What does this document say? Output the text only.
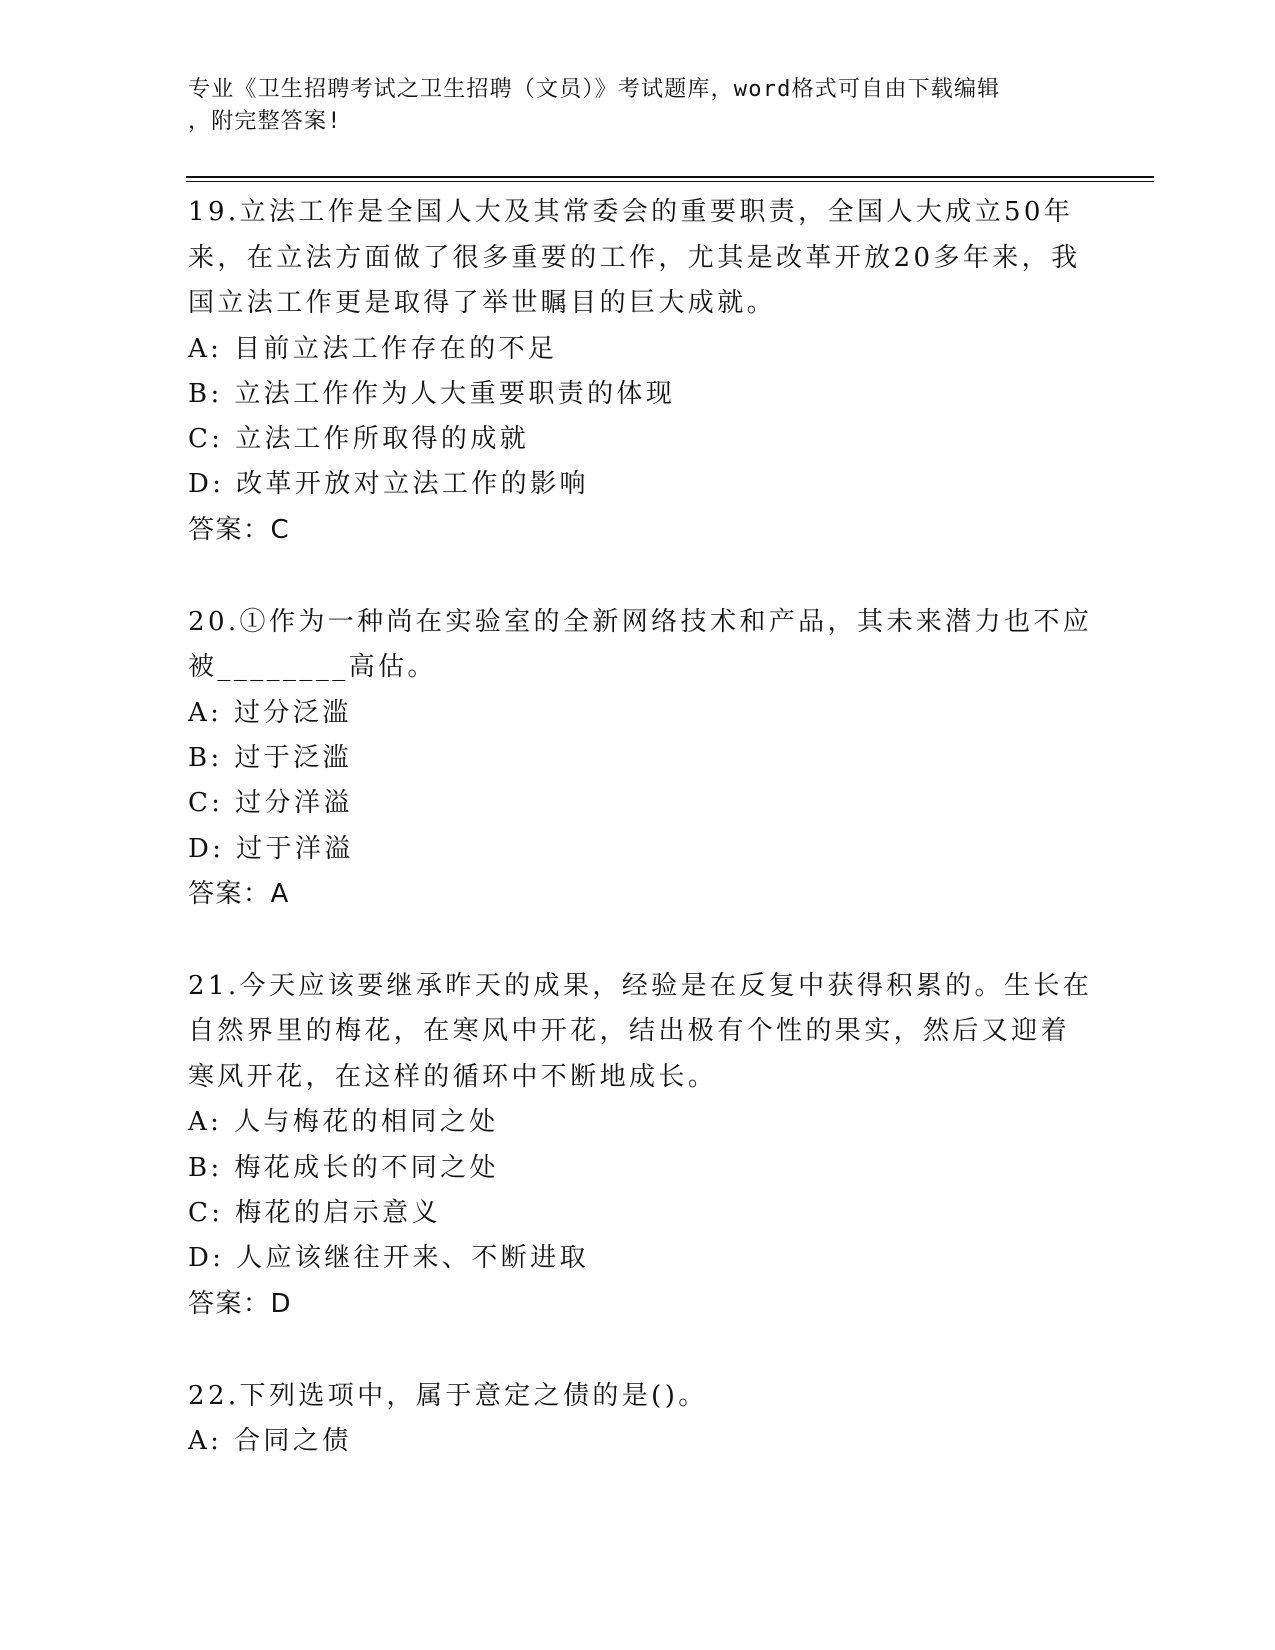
专业《卫生招聘考试之卫生招聘（文员）》考试题库，word格式可自由下载编辑
，附完整答案!
19.立法工作是全国人大及其常委会的重要职责，全国人大成立50年
来，在立法方面做了很多重要的工作，尤其是改革开放20多年来，我
国立法工作更是取得了举世瞩目的巨大成就。
A: 目前立法工作存在的不足
B: 立法工作作为人大重要职责的体现
C: 立法工作所取得的成就
D: 改革开放对立法工作的影响
答案：C
20.①作为一种尚在实验室的全新网络技术和产品，其未来潜力也不应
被________高估。
A: 过分泛滥
B: 过于泛滥
C: 过分洋溢
D: 过于洋溢
答案：A
21.今天应该要继承昨天的成果，经验是在反复中获得积累的。生长在
自然界里的梅花，在寒风中开花，结出极有个性的果实，然后又迎着
寒风开花，在这样的循环中不断地成长。
A: 人与梅花的相同之处
B: 梅花成长的不同之处
C: 梅花的启示意义
D: 人应该继往开来、不断进取
答案：D
22.下列选项中，属于意定之债的是()。
A: 合同之债
